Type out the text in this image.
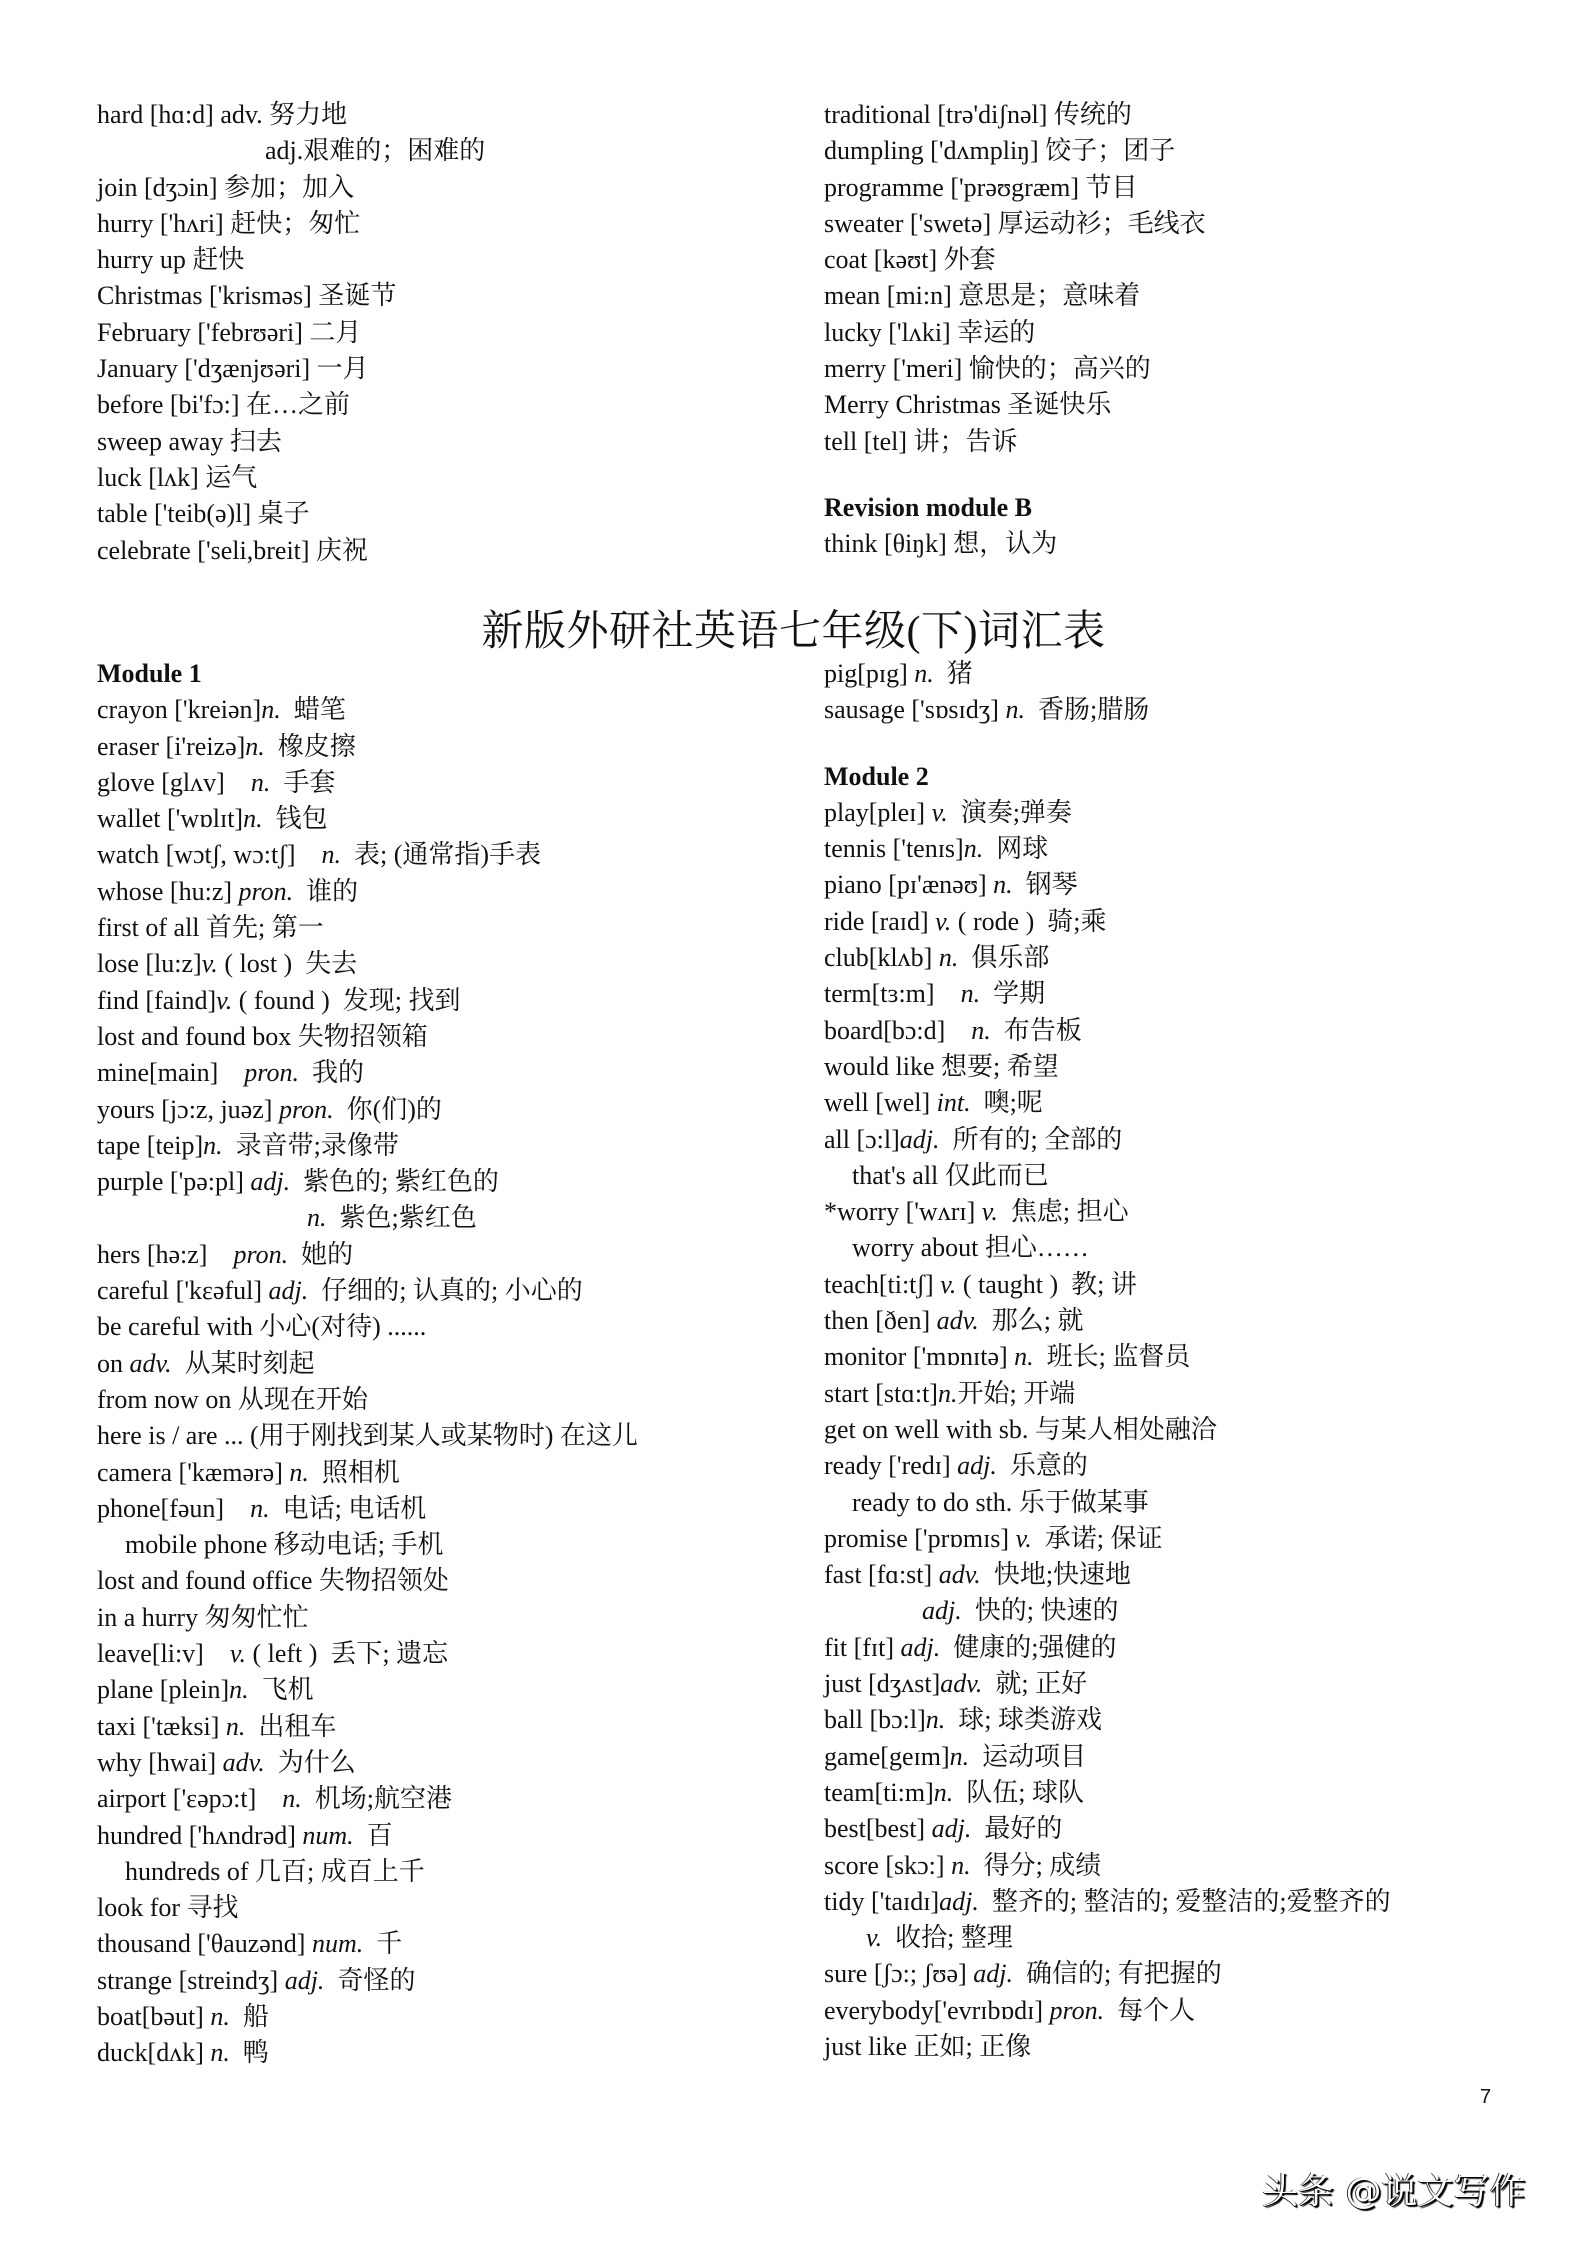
hard [hɑ:d] adv. 努力地
adj.艰难的；困难的
join [dʒɔin] 参加；加入
hurry ['hʌri] 赶快；匆忙
hurry up 赶快
Christmas ['krisməs] 圣诞节
February ['febrʊəri] 二月
January ['dʒænjʊəri] 一月
before [bi'fɔ:] 在…之前
sweep away 扫去
luck [lʌk] 运气
table ['teib(ə)l] 桌子
celebrate ['seli,breit] 庆祝
traditional [trə'diʃnəl] 传统的
dumpling ['dʌmpliŋ] 饺子；团子
programme ['prəʊgræm] 节目
sweater ['swetə] 厚运动衫；毛线衣
coat [kəʊt] 外套
mean [mi:n] 意思是；意味着
lucky ['lʌki] 幸运的
merry ['meri] 愉快的；高兴的
Merry Christmas 圣诞快乐
tell [tel] 讲；告诉
Revision module B
think [θiŋk] 想，认为
新版外研社英语七年级(下)词汇表
Module 1
crayon ['kreiən]n.  蜡笔
eraser [i'reizə]n.  橡皮擦
glove [glʌv]    n.  手套
wallet ['wɒlɪt]n.  钱包
watch [wɔtʃ, wɔ:tʃ]    n.  表; (通常指)手表
whose [hu:z] pron.  谁的
first of all 首先; 第一
lose [lu:z]v. ( lost )  失去
find [faind]v. ( found )  发现; 找到
lost and found box 失物招领箱
mine[main]    pron.  我的
yours [jɔ:z, juəz] pron.  你(们)的
tape [teip]n.  录音带;录像带
purple ['pə:pl] adj.  紫色的; 紫红色的
n.  紫色;紫红色
hers [hə:z]    pron.  她的
careful ['kεəful] adj.  仔细的; 认真的; 小心的
be careful with 小心(对待) ......
on adv.  从某时刻起
from now on 从现在开始
here is / are ... (用于刚找到某人或某物时) 在这儿
camera ['kæmərə] n.  照相机
phone[fəun]    n.  电话; 电话机
mobile phone 移动电话; 手机
lost and found office 失物招领处
in a hurry 匆匆忙忙
leave[li:v]    v. ( left )  丢下; 遗忘
plane [plein]n.  飞机
taxi ['tæksi] n.  出租车
why [hwai] adv.  为什么
airport ['εəpɔ:t]    n.  机场;航空港
hundred ['hʌndrəd] num.  百
hundreds of 几百; 成百上千
look for 寻找
thousand ['θauzənd] num.  千
strange [streindʒ] adj.  奇怪的
boat[bəut] n.  船
duck[dʌk] n.  鸭
pig[pɪg] n.  猪
sausage ['sɒsɪdʒ] n.  香肠;腊肠
Module 2
play[pleɪ] v.  演奏;弹奏
tennis ['tenɪs]n.  网球
piano [pɪ'ænəʊ] n.  钢琴
ride [raɪd] v. ( rode )  骑;乘
club[klʌb] n.  俱乐部
term[tɜ:m]    n.  学期
board[bɔ:d]    n.  布告板
would like 想要; 希望
well [wel] int.  噢;呢
all [ɔ:l]adj.  所有的; 全部的
that's all 仅此而已
*worry ['wʌrɪ] v.  焦虑; 担心
worry about 担心……
teach[ti:tʃ] v. ( taught )  教; 讲
then [ðen] adv.  那么; 就
monitor ['mɒnɪtə] n.  班长; 监督员
start [stɑ:t]n.开始; 开端
get on well with sb. 与某人相处融洽
ready ['redɪ] adj.  乐意的
ready to do sth. 乐于做某事
promise ['prɒmɪs] v.  承诺; 保证
fast [fɑ:st] adv.  快地;快速地
adj.  快的; 快速的
fit [fɪt] adj.  健康的;强健的
just [dʒʌst]adv.  就; 正好
ball [bɔ:l]n.  球; 球类游戏
game[geɪm]n.  运动项目
team[ti:m]n.  队伍; 球队
best[best] adj.  最好的
score [skɔ:] n.  得分; 成绩
tidy ['taɪdɪ]adj.  整齐的; 整洁的; 爱整洁的;爱整齐的
v.  收拾; 整理
sure [ʃɔ:; ʃʊə] adj.  确信的; 有把握的
everybody['evrɪbɒdɪ] pron.  每个人
just like 正如; 正像
7
头条 @说文写作
